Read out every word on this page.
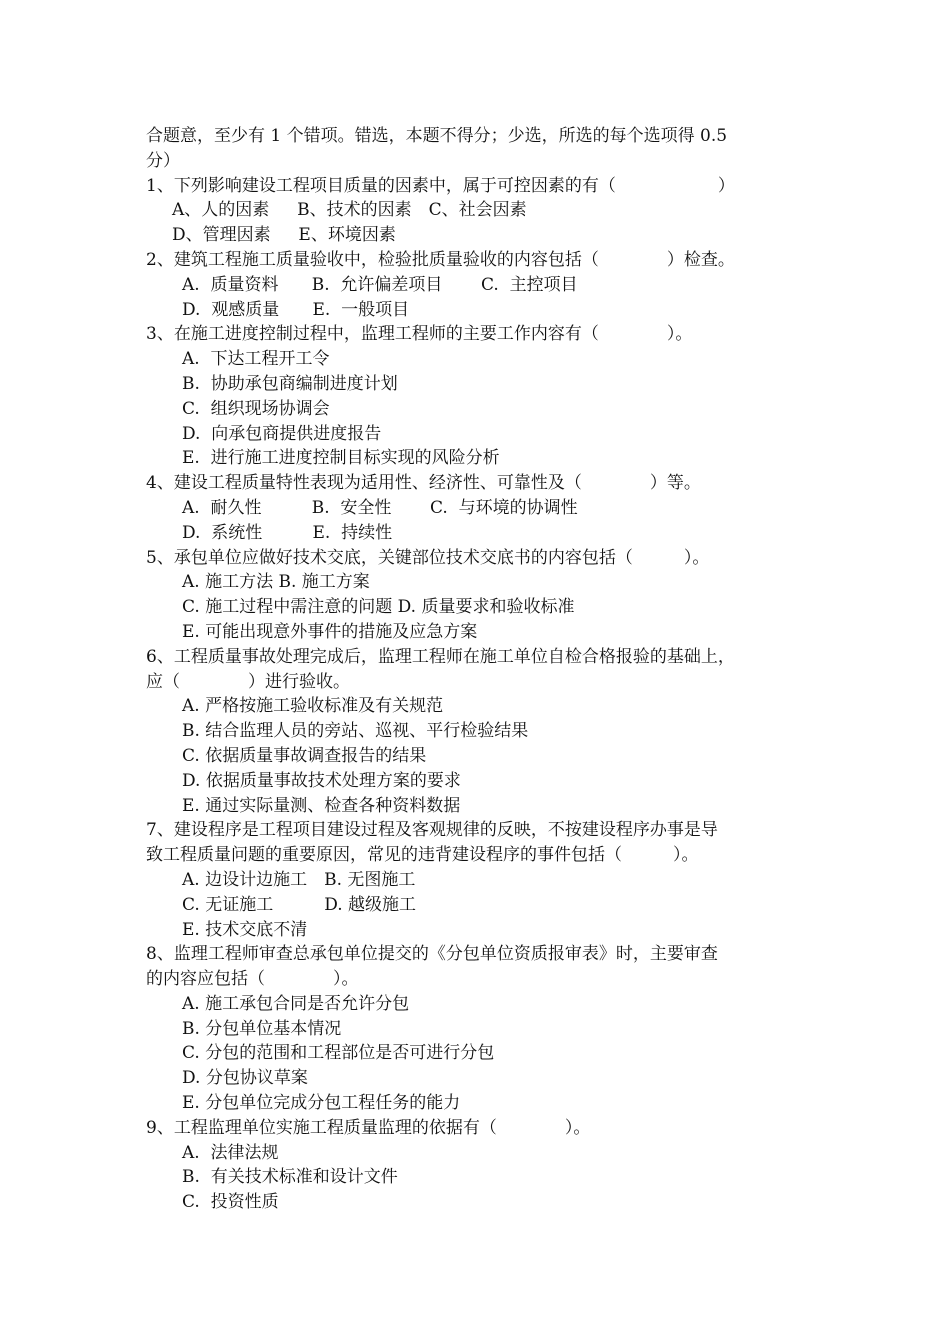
合题意，至少有 1 个错项。错选，本题不得分；少选，所选的每个选项得 0.5
分）
1、下列影响建设工程项目质量的因素中，属于可控因素的有（　　　　　　）
A、人的因素　  B、技术的因素　C、社会因素
D、管理因素　  E、环境因素
2、建筑工程施工质量验收中，检验批质量验收的内容包括（　　　　）检查。
A.  质量资料　   B.  允许偏差项目　    C.  主控项目
D.  观感质量　   E.  一般项目
3、在施工进度控制过程中，监理工程师的主要工作内容有（　　　　）。
A.  下达工程开工令
B.  协助承包商编制进度计划
C.  组织现场协调会
D.  向承包商提供进度报告
E.  进行施工进度控制目标实现的风险分析
4、建设工程质量特性表现为适用性、经济性、可靠性及（　　　　）等。
A.  耐久性　　   B.  安全性　    C.  与环境的协调性
D.  系统性　　   E.  持续性
5、承包单位应做好技术交底，关键部位技术交底书的内容包括（　　　）。
A. 施工方法 B. 施工方案
C. 施工过程中需注意的问题 D. 质量要求和验收标准
E. 可能出现意外事件的措施及应急方案
6、工程质量事故处理完成后，监理工程师在施工单位自检合格报验的基础上，
应（　　　　）进行验收。
A. 严格按施工验收标准及有关规范
B. 结合监理人员的旁站、巡视、平行检验结果
C. 依据质量事故调查报告的结果
D. 依据质量事故技术处理方案的要求
E. 通过实际量测、检查各种资料数据
7、建设程序是工程项目建设过程及客观规律的反映，不按建设程序办事是导
致工程质量问题的重要原因，常见的违背建设程序的事件包括（　　　）。
A. 边设计边施工　B. 无图施工
C. 无证施工　　　D. 越级施工
E. 技术交底不清
8、监理工程师审查总承包单位提交的《分包单位资质报审表》时，主要审查
的内容应包括（　　　　）。
A. 施工承包合同是否允许分包
B. 分包单位基本情况
C. 分包的范围和工程部位是否可进行分包
D. 分包协议草案
E. 分包单位完成分包工程任务的能力
9、工程监理单位实施工程质量监理的依据有（　　　　）。
A.  法律法规
B.  有关技术标准和设计文件
C.  投资性质
